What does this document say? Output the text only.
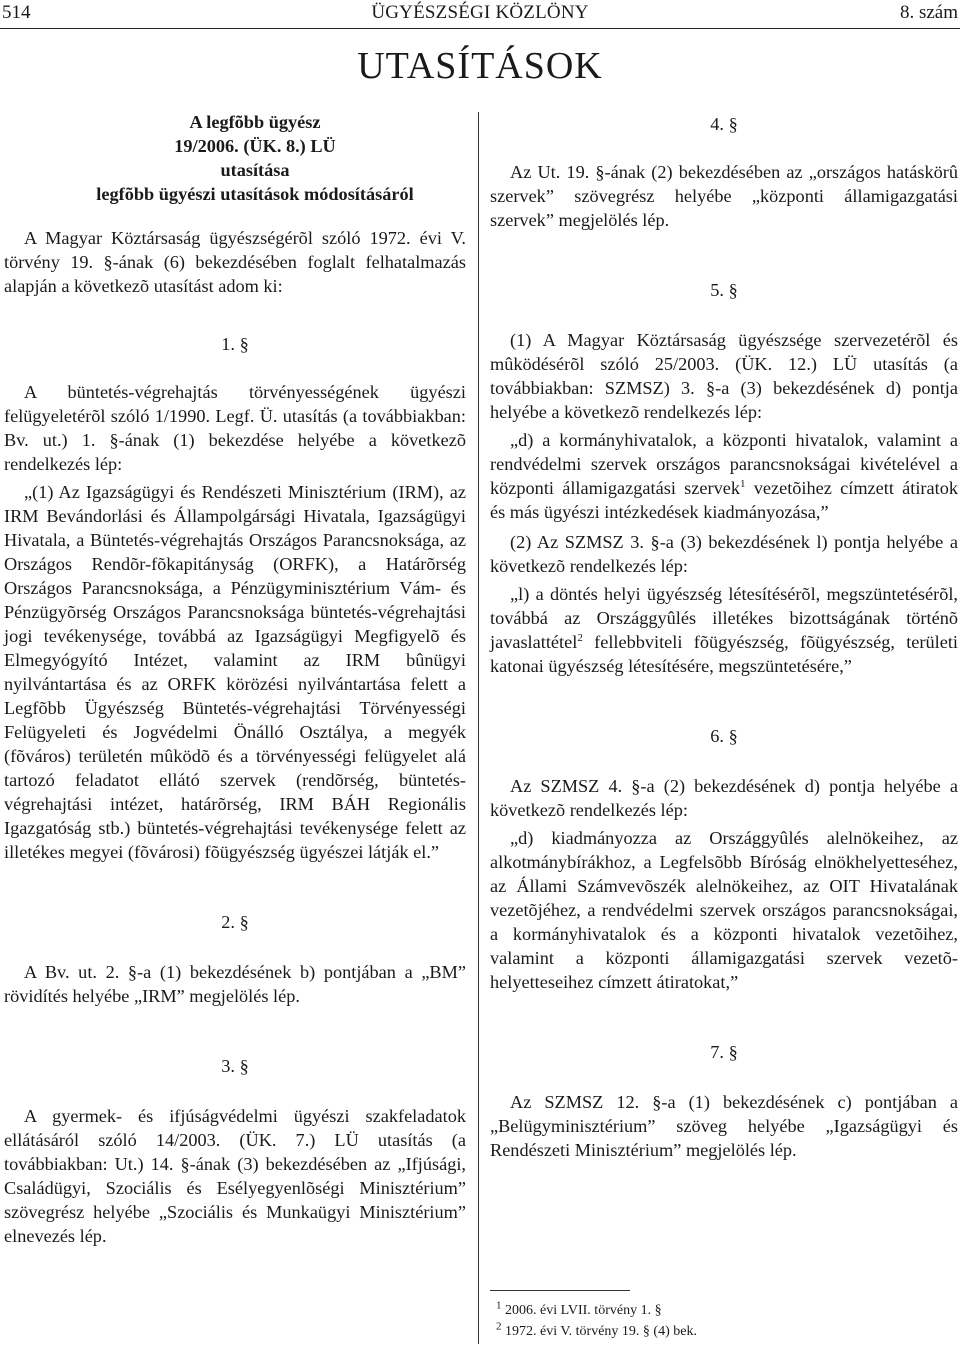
514	ÜGYÉSZSÉGI KÖZLÖNY	8. szám
UTASÍTÁSOK
A legfõbb ügyész
19/2006. (ÜK. 8.) LÜ
utasítása
legfõbb ügyészi utasítások módosításáról

A Magyar Köztársaság ügyészségérõl szóló 1972. évi V. törvény 19. §-ának (6) bekezdésében foglalt felhatalmazás alapján a következõ utasítást adom ki:

1. §

A büntetés-végrehajtás törvényességének ügyészi felügyeletérõl szóló 1/1990. Legf. Ü. utasítás (a továbbiakban: Bv. ut.) 1. §-ának (1) bekezdése helyébe a következõ rendelkezés lép:

„(1) Az Igazságügyi és Rendészeti Minisztérium (IRM), az IRM Bevándorlási és Állampolgársági Hivatala, Igazságügyi Hivatala, a Büntetés-végrehajtás Országos Parancsnoksága, az Országos Rendõr-fõkapitányság (ORFK), a Határõrség Országos Parancsnoksága, a Pénzügyminisztérium Vám- és Pénzügyõrség Országos Parancsnoksága büntetés-végrehajtási jogi tevékenysége, továbbá az Igazságügyi Megfigyelõ és Elmegyógyító Intézet, valamint az IRM bûnügyi nyilvántartása és az ORFK körözési nyilvántartása felett a Legfõbb Ügyészség Büntetés-végrehajtási Törvényességi Felügyeleti és Jogvédelmi Önálló Osztálya, a megyék (fõváros) területén mûködõ és a törvényességi felügyelet alá tartozó feladatot ellátó szervek (rendõrség, büntetés-végrehajtási intézet, határõrség, IRM BÁH Regionális Igazgatóság stb.) büntetés-végrehajtási tevékenysége felett az illetékes megyei (fõvárosi) fõügyészség ügyészei látják el.”

2. §

A Bv. ut. 2. §-a (1) bekezdésének b) pontjában a „BM” rövidítés helyébe „IRM” megjelölés lép.

3. §

A gyermek- és ifjúságvédelmi ügyészi szakfeladatok ellátásáról szóló 14/2003. (ÜK. 7.) LÜ utasítás (a továbbiakban: Ut.) 14. §-ának (3) bekezdésében az „Ifjúsági, Családügyi, Szociális és Esélyegyenlõségi Minisztérium” szövegrész helyébe „Szociális és Munkaügyi Minisztérium” elnevezés lép.

4. §

Az Ut. 19. §-ának (2) bekezdésében az „országos hatáskörû szervek” szövegrész helyébe „központi államigazgatási szervek” megjelölés lép.

5. §

(1) A Magyar Köztársaság ügyészsége szervezetérõl és mûködésérõl szóló 25/2003. (ÜK. 12.) LÜ utasítás (a továbbiakban: SZMSZ) 3. §-a (3) bekezdésének d) pontja helyébe a következõ rendelkezés lép:

„d) a kormányhivatalok, a központi hivatalok, valamint a rendvédelmi szervek országos parancsnokságai kivételével a központi államigazgatási szervek$^1$ vezetõihez címzett átiratok és más ügyészi intézkedések kiadmányozása,”

(2) Az SZMSZ 3. §-a (3) bekezdésének l) pontja helyébe a következõ rendelkezés lép:

„l) a döntés helyi ügyészség létesítésérõl, megszüntetésérõl, továbbá az Országgyûlés illetékes bizottságának történõ javaslattétel$^2$ fellebbviteli fõügyészség, fõügyészség, területi katonai ügyészség létesítésére, megszüntetésére,”

6. §

Az SZMSZ 4. §-a (2) bekezdésének d) pontja helyébe a következõ rendelkezés lép:

„d) kiadmányozza az Országgyûlés alelnökeihez, az alkotmánybírákhoz, a Legfelsõbb Bíróság elnökhelyetteséhez, az Állami Számvevõszék alelnökeihez, az OIT Hivatalának vezetõjéhez, a rendvédelmi szervek országos parancsnokságai, a kormányhivatalok és a központi hivatalok vezetõihez, valamint a központi államigazgatási szervek vezetõ-helyetteseihez címzett átiratokat,”

7. §

Az SZMSZ 12. §-a (1) bekezdésének c) pontjában a „Belügyminisztérium” szöveg helyébe „Igazságügyi és Rendészeti Minisztérium” megjelölés lép.

$^1$ 2006. évi LVII. törvény 1. §
$^2$ 1972. évi V. törvény 19. § (4) bek.
